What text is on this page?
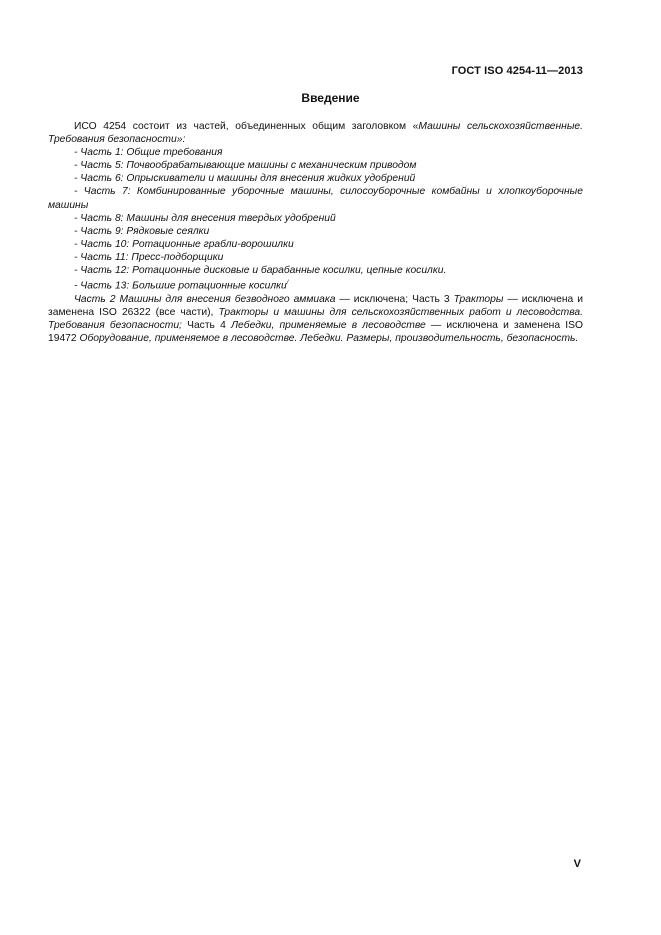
ГОСТ ISO 4254-11—2013
Введение

ИСО 4254 состоит из частей, объединенных общим заголовком «Машины сельскохозяйственные. Требования безопасности»:

- Часть 1: Общие требования
- Часть 5: Почвообрабатывающие машины с механическим приводом
- Часть 6: Опрыскиватели и машины для внесения жидких удобрений
- Часть 7: Комбинированные уборочные машины, силосоуборочные комбайны и хлопкоуборочные машины
- Часть 8: Машины для внесения твердых удобрений
- Часть 9: Рядковые сеялки
- Часть 10: Ротационные грабли-ворошилки
- Часть 11: Пресс-подборщики
- Часть 12: Ротационные дисковые и барабанные косилки, цепные косилки.
- Часть 13: Большие ротационные косилки/

Часть 2 Машины для внесения безводного аммиака — исключена; Часть 3 Тракторы — исключена и заменена ISO 26322 (все части), Тракторы и машины для сельскохозяйственных работ и лесоводства. Требования безопасности; Часть 4 Лебедки, применяемые в лесоводстве — исключена и заменена ISO 19472 Оборудование, применяемое в лесоводстве. Лебедки. Размеры, производительность, безопасность.

V
